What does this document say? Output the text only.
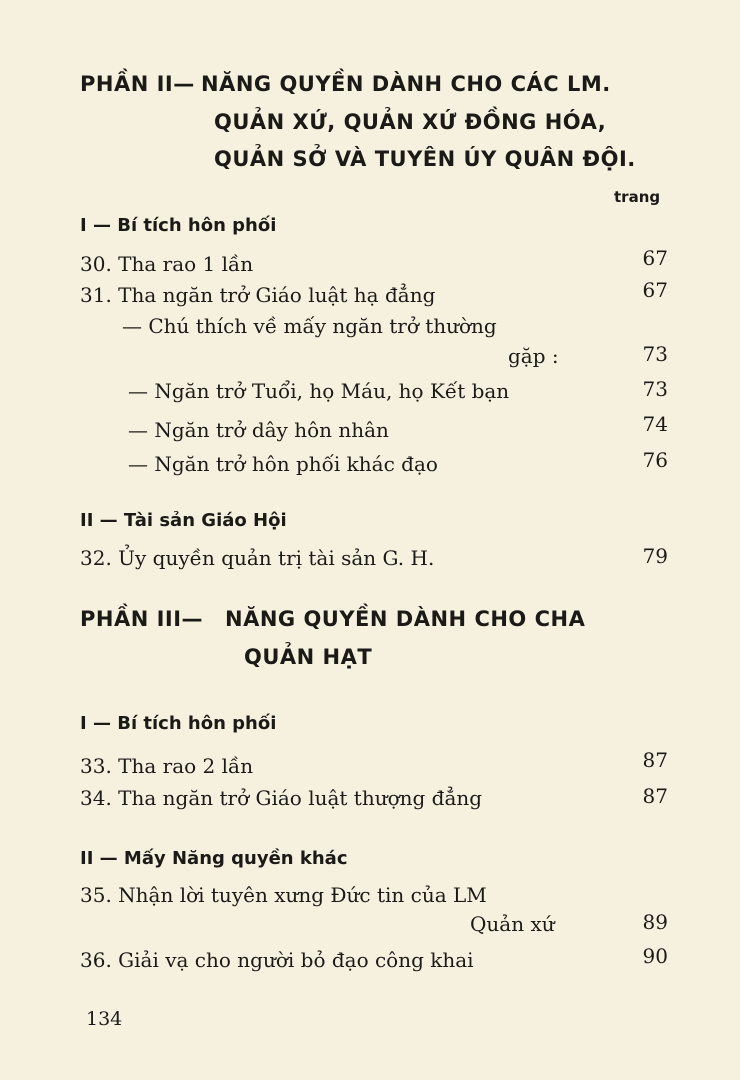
PHẦN II— NĂNG QUYỀN DÀNH CHO CÁC LM.
QUẢN XỨ, QUẢN XỨ ĐỒNG HÓA,
QUẢN SỞ VÀ TUYÊN ÚY QUÂN ĐỘI.
trang
I — Bí tích hôn phối
30. Tha rao 1 lần	67
31. Tha ngăn trở Giáo luật hạ đẳng	67
— Chú thích về mấy ngăn trở thường
gặp :	73
— Ngăn trở Tuổi, họ Máu, họ Kết bạn	73
— Ngăn trở dây hôn nhân	74
— Ngăn trở hôn phối khác đạo	76
II — Tài sản Giáo Hội
32. Ủy quyền quản trị tài sản G. H.	79
PHẦN III— NĂNG QUYỀN DÀNH CHO CHA
QUẢN HẠT
I — Bí tích hôn phối
33. Tha rao 2 lần	87
34. Tha ngăn trở Giáo luật thượng đẳng	87
II — Mấy Năng quyền khác
35. Nhận lời tuyên xưng Đức tin của LM
Quản xứ	89
36. Giải vạ cho người bỏ đạo công khai	90
134
